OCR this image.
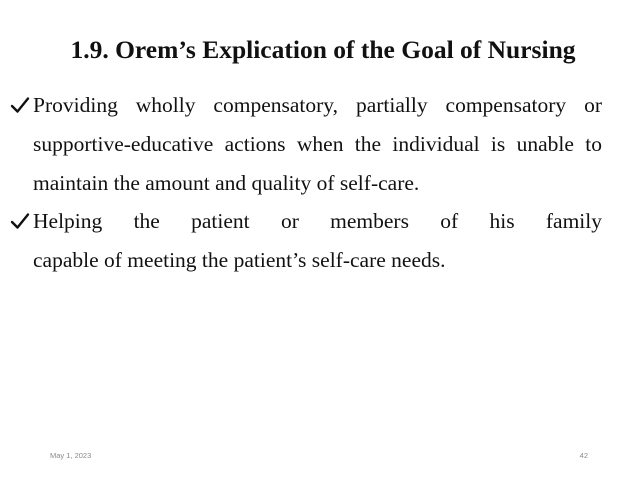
1.9. Orem’s Explication of the Goal of Nursing
Providing wholly compensatory, partially compensatory or supportive-educative actions when the individual is unable to maintain the amount and quality of self-care.
Helping the patient or members of his family
capable of meeting the patient’s self-care needs.
May 1, 2023	42
